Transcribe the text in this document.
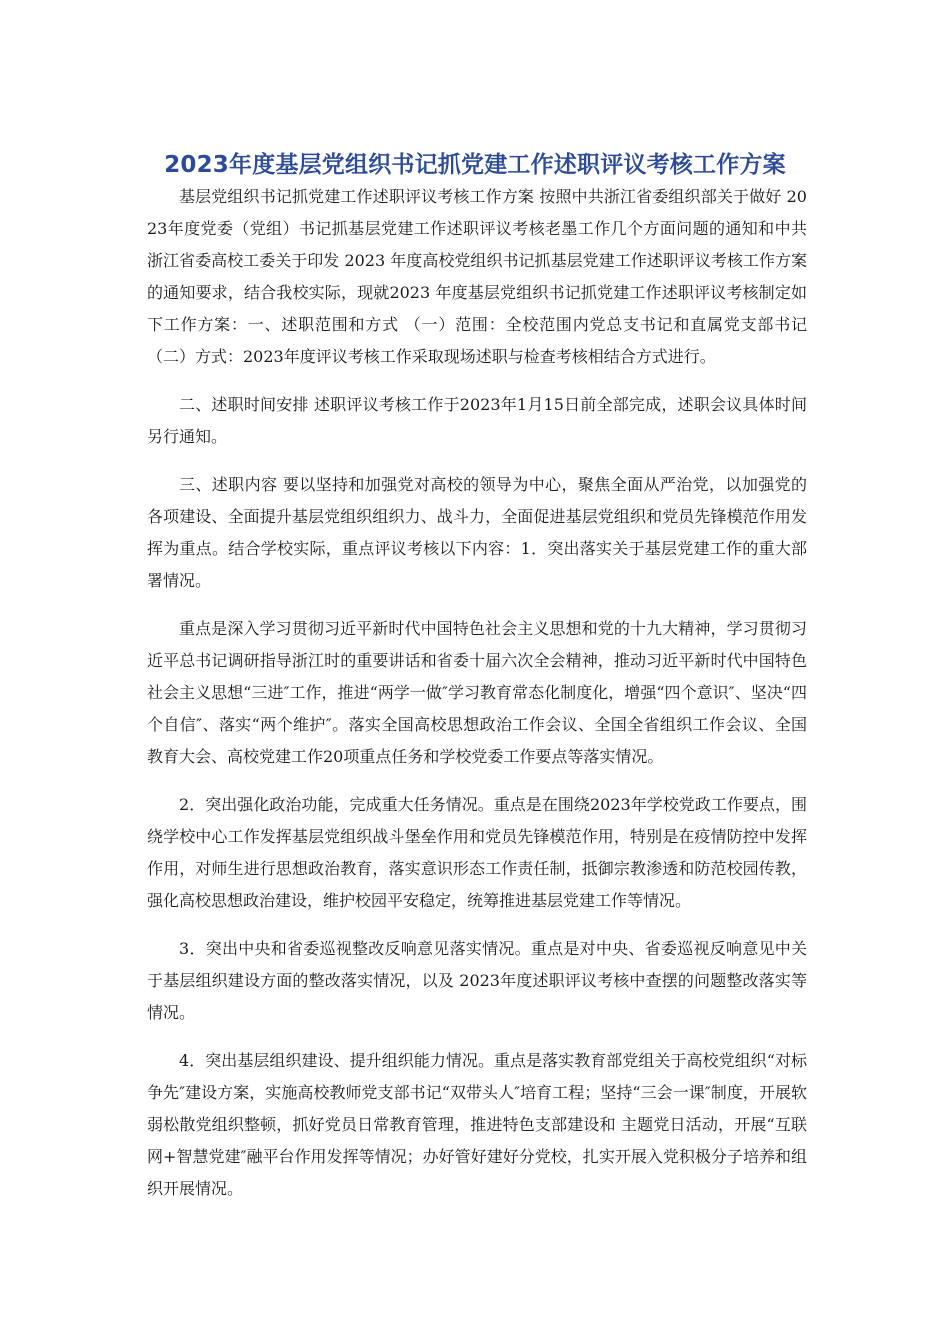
2023年度基层党组织书记抓党建工作述职评议考核工作方案

基层党组织书记抓党建工作述职评议考核工作方案 按照中共浙江省委组织部关于做好 2023年度党委（党组）书记抓基层党建工作述职评议考核老墨工作几个方面问题的通知和中共浙江省委高校工委关于印发 2023 年度高校党组织书记抓基层党建工作述职评议考核工作方案的通知要求，结合我校实际，现就2023 年度基层党组织书记抓党建工作述职评议考核制定如下工作方案：一、述职范围和方式 （一）范围：全校范围内党总支书记和直属党支部书记 （二）方式：2023年度评议考核工作采取现场述职与检查考核相结合方式进行。

二、述职时间安排 述职评议考核工作于2023年1月15日前全部完成，述职会议具体时间另行通知。

三、述职内容 要以坚持和加强党对高校的领导为中心，聚焦全面从严治党，以加强党的各项建设、全面提升基层党组织组织力、战斗力，全面促进基层党组织和党员先锋模范作用发挥为重点。结合学校实际，重点评议考核以下内容：1．突出落实关于基层党建工作的重大部署情况。

重点是深入学习贯彻习近平新时代中国特色社会主义思想和党的十九大精神，学习贯彻习近平总书记调研指导浙江时的重要讲话和省委十届六次全会精神，推动习近平新时代中国特色社会主义思想“三进″工作，推进“两学一做″学习教育常态化制度化，增强“四个意识″、坚决“四个自信″、落实“两个维护″。落实全国高校思想政治工作会议、全国全省组织工作会议、全国教育大会、高校党建工作20项重点任务和学校党委工作要点等落实情况。

2．突出强化政治功能，完成重大任务情况。重点是在围绕2023年学校党政工作要点，围绕学校中心工作发挥基层党组织战斗堡垒作用和党员先锋模范作用，特别是在疫情防控中发挥作用，对师生进行思想政治教育，落实意识形态工作责任制，抵御宗教渗透和防范校园传教，强化高校思想政治建设，维护校园平安稳定，统筹推进基层党建工作等情况。

3．突出中央和省委巡视整改反响意见落实情况。重点是对中央、省委巡视反响意见中关于基层组织建设方面的整改落实情况，以及 2023年度述职评议考核中查摆的问题整改落实等情况。

4．突出基层组织建设、提升组织能力情况。重点是落实教育部党组关于高校党组织“对标争先″建设方案，实施高校教师党支部书记“双带头人″培育工程；坚持“三会一课″制度，开展软弱松散党组织整顿，抓好党员日常教育管理，推进特色支部建设和 主题党日活动，开展“互联网+智慧党建″融平台作用发挥等情况；办好管好建好分党校，扎实开展入党积极分子培养和组织开展情况。
